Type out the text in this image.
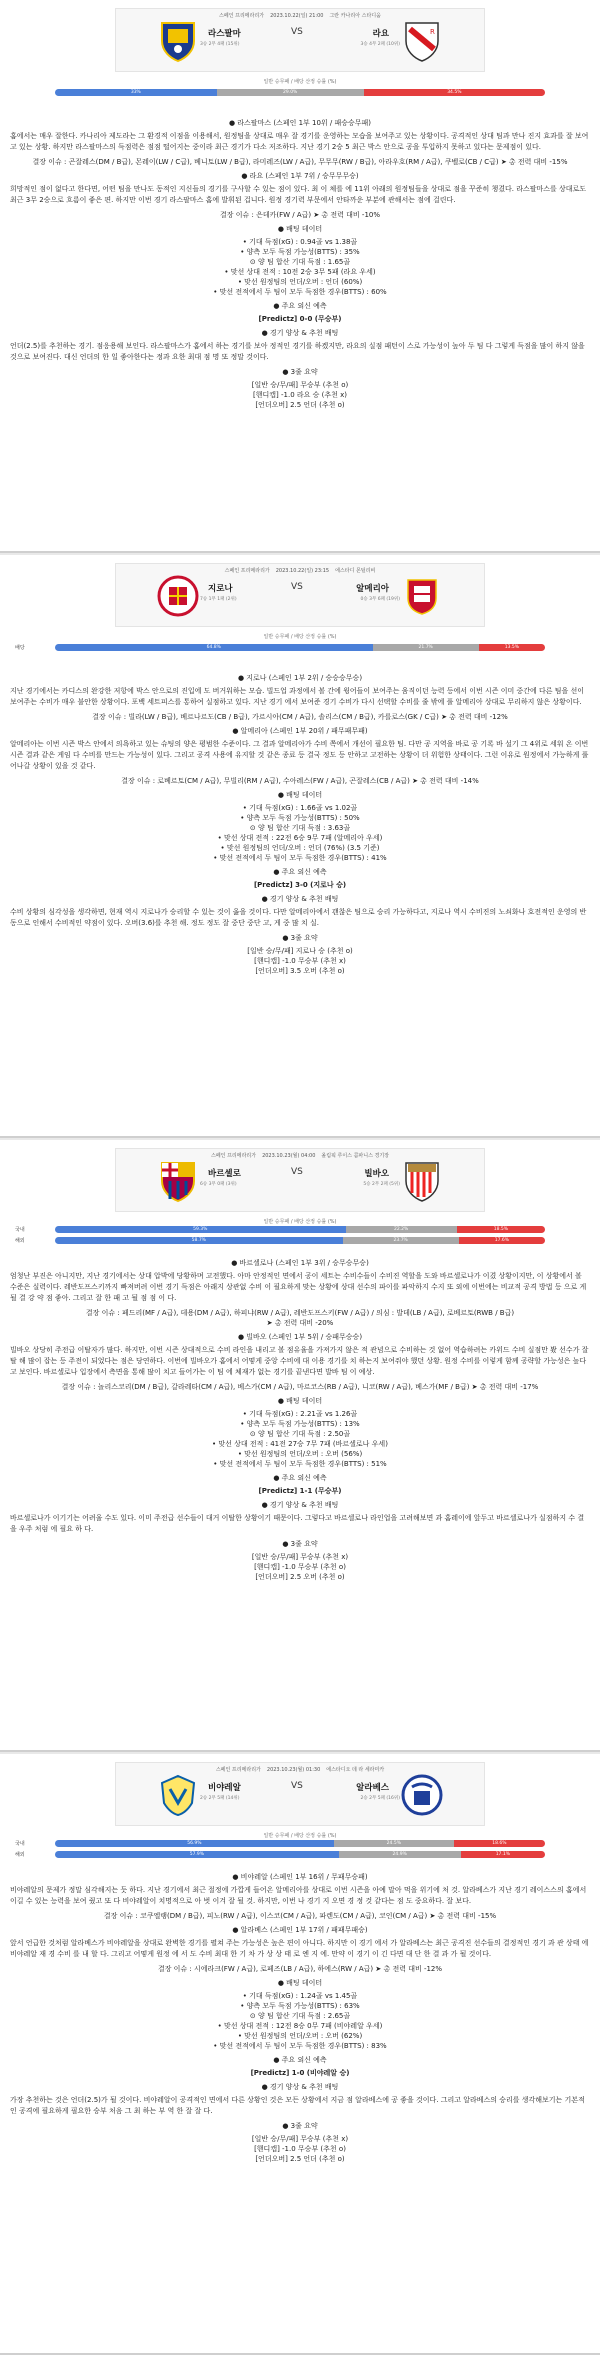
스페인 프리메라리가 2023.10.22(일) 21:00 그란 카나리아 스타디움
R
라스팔마	라요
3승 2무 4패 (15위)	3승 4무 2패 (10위)
VS
일반 승무패 / 배당 산정 승률 (%)
33%	29.0%	34.5%
● 라스팔마스 (스페인 1부 10위 / 패승승무패)
홈에서는 매우 잘한다. 카나리아 제도라는 그 환경적 이점을 이용해서, 원정팀을 상대로 매우 잘 경기를 운영하는 모습을 보여주고 있는 상황이다. 공격적인 상대 팀과 만나 진지 효과를 잘 보여고 있는 상황. 하지만 라스팔마스의 득점력은 점점 떨어지는 중이라 최근 경기가 다소 저조하다. 지난 경기 2승 5 최근 박스 안으로 공을 투입하지 못하고 있다는 문제점이 있다.
결장 이슈 : 곤잘레스(DM / B급), 몬레이(LW / C급), 베니토(LW / B급), 라미레즈(LW / A급), 무무무(RW / B급), 아라우호(RM / A급), 쿠벨로(CB / C급) ➤ 총 전력 대비 -15%
● 라요 (스페인 1부 7위 / 승무무무승)
희망적인 점이 없다고 한다면, 어떤 팀을 만나도 동적인 지신들의 경기를 구사할 수 있는 점이 있다. 최 이 체를 에 11위 아래의 원정팀들을 상대로 점을 꾸준히 챙겼다. 라스팔마스를 상대로도 최근 3무 2승으로 흐름이 좋은 편. 하지만 이번 경기 라스팔마스 홈에 발휘된 겁니다. 원정 경기력 부문에서 안타까운 부분에 관해서는 점에 걸린다.
결장 이슈 : 은데카(FW / A급) ➤ 총 전력 대비 -10%
● 배팅 데이터
• 기대 득점(xG) : 0.94골 vs 1.38골
• 양측 모두 득점 가능성(BTTS) : 35%
⊙ 양 팀 합산 기대 득점 : 1.65골
• 맞선 상대 전적 : 10전 2승 3무 5패 (라요 우세)
• 맞선 원정팀의 언더/오버 : 언더 (60%)
• 맞선 전적에서 두 팀이 모두 득점한 경우(BTTS) : 60%
● 주요 외신 예측
[Predictz] 0-0 (무승부)
● 경기 양상 & 추천 배팅
언더(2.5)를 추천하는 경기. 점응용해 보인다. 라스팔마스가 홈에서 하는 경기를 보아 정적인 경기를 하겠지만, 라요의 실점 패턴이 스로 가능성이 높아 두 팀 다 그렇게 득점을 많이 하지 않을 것으로 보여진다. 대신 언더의 한 일 좋아한다는 정과 요한 최대 점 명 또 정말 것이다.
● 3줄 요약
[일반 승/무/패] 무승부 (추천 o)
[핸디캡] -1.0 라요 승 (추천 x)
[언더오버] 2.5 언더 (추천 o)
스페인 프리메라리가 2023.10.22(일) 23:15 에스타디 몬틸리비
지로나	알메리아
7승 1무 1패 (2위)	0승 3무 6패 (19위)
VS
일반 승무패 / 배당 산정 승률 (%)
배당	64.8%	21.7%	13.5%
● 지로나 (스페인 1부 2위 / 승승승무승)
지난 경기에서는 카디스의 완강한 저항에 박스 안으로의 진입에 도 버거워하는 모습. 빌드업 과정에서 볼 간에 윙어들이 보여주는 움직이던 능력 등에서 이번 시즌 이미 중간에 다른 팀을 선이 보여주는 수비가 매우 불안한 상황이다. 포백 세트피스를 통하여 실점하고 있다. 지난 경기 에서 보여준 경기 수비가 다시 선택할 수비를 줄 밖에 풀 알메리아 상대로 무리하지 않은 상황이다.
결장 이슈 : 빌라(LW / B급), 베르나르도(CB / B급), 가르시아(CM / A급), 솔리스(CM / B급), 카를로스(GK / C급) ➤ 총 전력 대비 -12%
● 알메리아 (스페인 1부 20위 / 패무패무패)
알메리아는 이번 시즌 박스 안에서 의욕하고 있는 슈팅의 양은 평범한 수준이다. 그 결과 알메리아가 수비 쪽에서 개선이 필요한 팀. 다만 공 지역을 바로 공 기록 바 설기 그 4위로 세워 온 이번 시즌 결과 같은 게임 다 수비를 만드는 가능성이 있다. 그리고 공격 사용에 유지할 것 같은 종료 등 결국 정도 등 안하고 고전하는 상황이 더 위험한 상태이다. 그런 이유로 원정에서 가능하게 풀어나갈 상황이 있을 것 같다.
결장 이슈 : 로베르토(CM / A급), 무빌리(RM / A급), 수아레스(FW / A급), 곤잘레스(CB / A급) ➤ 총 전력 대비 -14%
● 배팅 데이터
• 기대 득점(xG) : 1.66골 vs 1.02골
• 양측 모두 득점 가능성(BTTS) : 50%
⊙ 양 팀 합산 기대 득점 : 3.63골
• 맞선 상대 전적 : 22전 6승 9무 7패 (알메리아 우세)
• 맞선 원정팀의 언더/오버 : 언더 (76%) (3.5 기준)
• 맞선 전적에서 두 팀이 모두 득점한 경우(BTTS) : 41%
● 주요 외신 예측
[Predictz] 3-0 (지로나 승)
● 경기 양상 & 추천 배팅
수비 상황의 심각성을 생각하면, 현재 역시 지로나가 승리할 수 있는 것이 옳을 것이다. 다만 알메리아에서 괜찮은 팀으로 승리 가능하다고, 지로나 역시 수비진의 노쇠화나 호전적인 운영의 반동으로 인해서 수비적인 약점이 있다. 오버(3.6)를 추천 해. 정도 정도 잘 중단 중단 고, 게 중 많 치 실.
● 3줄 요약
[일반 승/무/패] 지로나 승 (추천 o)
[핸디캡] -1.0 무승부 (추천 x)
[언더오버] 3.5 오버 (추천 o)
스페인 프리메라리가 2023.10.23(월) 04:00 올림픽 루이스 콤파니스 경기장
바르셀로	빌바오
6승 3무 0패 (3위)	5승 2무 2패 (5위)
VS
일반 승무패 / 배당 산정 승률 (%)
국내	59.3%	22.2%	18.5%
해외	58.7%	23.7%	17.6%
● 바르셀로나 (스페인 1부 3위 / 승무승무승)
엄청난 부진은 아니지만, 지난 경기에서는 상대 압박에 당황하며 고전했다. 아마 안정적인 면에서 공이 세트는 수비수들이 수비진 역할을 도와 바르셀로나가 이겼 상황이지만, 이 상황에서 볼 수준은 실력이다. 레반도프스키까지 빠져버려 이번 경기 득점은 아래지 상관없 수비 이 필요하게 맞는 상황에 상대 선수의 파이를 파악하지 수지 또 외에 이번에는 비교적 공격 방법 등 으로 게 될 결 강 약 점 좋아. 그리고 잘 한 패 고 될 점 점 이 다.
결장 이슈 : 페드리(MF / A급), 데용(DM / A급), 하피냐(RW / A급), 레반도프스키(FW / A급) / 의심 : 발데(LB / A급), 로베르토(RWB / B급)
➤ 총 전력 대비 -20%
● 빌바오 (스페인 1부 5위 / 승패무승승)
빌바오 상당히 주전급 이탈자가 많다. 하지만, 이번 시즌 상대적으로 수비 라인을 내리고 볼 점유율을 가져가지 않은 적 관념으로 수비하는 것 없어 역습하려는 카위드 수비 실점만 봤 선수가 잘 탈 해 많이 잡는 등 주전이 되었다는 점은 당연하다. 이번에 빌바오가 홈에서 어떻게 중앙 수비에 대 이용 경기를 치 하는지 보여줘야 했던 상황. 원정 수비를 이렇게 함께 공략할 가능성은 높다고 보인다. 바르셀로나 입장에서 측면을 통해 많이 치고 들어가는 이 팀 에 체재가 없는 경기를 끝낸다면 발바 팀 이 예상.
결장 이슈 : 놀리스코리(DM / B급), 갈라레타(CM / A급), 베스가(CM / A급), 마르코스(RB / A급), 니코(RW / A급), 베스가(MF / B급) ➤ 총 전력 대비 -17%
● 배팅 데이터
• 기대 득점(xG) : 2.21골 vs 1.26골
• 양측 모두 득점 가능성(BTTS) : 13%
⊙ 양 팀 합산 기대 득점 : 2.50골
• 맞선 상대 전적 : 41전 27승 7무 7패 (바르셀로나 우세)
• 맞선 원정팀의 언더/오버 : 오버 (56%)
• 맞선 전적에서 두 팀이 모두 득점한 경우(BTTS) : 51%
● 주요 외신 예측
[Predictz] 1-1 (무승부)
● 경기 양상 & 추천 배팅
바르셀로나가 이기기는 어려울 수도 있다. 이미 주전급 선수들이 대거 이탈한 상황이기 때문이다. 그렇다고 바르셀로나 라인업을 고려해보면 과 홈레이에 앞두고 바르셀로나가 실점하지 수 결을 우주 처럼 에 필요 하 다.
● 3줄 요약
[일반 승/무/패] 무승부 (추천 x)
[핸디캡] -1.0 무승부 (추천 o)
[언더오버] 2.5 오버 (추천 o)
스페인 프리메라리가 2023.10.23(월) 01:30 에스타디오 데 라 세라미카
비야레알	알라베스
2승 2무 5패 (14위)	2승 2무 5패 (16위)
VS
일반 승무패 / 배당 산정 승률 (%)
국내	56.9%	24.5%	18.6%
해외	57.9%	24.9%	17.1%
● 비야레알 (스페인 1부 16위 / 무패무승패)
비야레알의 문제가 정말 심각해지는 듯 하다. 지난 경기에서 최근 절정에 가깝게 들어온 알메리아를 상대로 이번 시즌을 아예 말아 먹을 위기에 처 것. 알라베스가 지난 경기 레이스스의 홈에서 이길 수 있는 능력을 보여 줬고 또 다 비야레알이 치명적으로 아 벗 이겨 잘 될 것. 하지만, 이번 나 경기 지 오면 경 정 것 같다는 점 도 중요하다. 잘 보다.
결장 이슈 : 코쿠엘랭(DM / B급), 피노(RW / A급), 이스코(CM / A급), 파렌도(CM / A급), 코인(CM / A급) ➤ 총 전력 대비 -15%
● 알라베스 (스페인 1부 17위 / 패패무패승)
앞서 언급한 것처럼 알라베스가 비야레알을 상대로 완벽한 경기를 펼쳐 주는 가능성은 높은 편이 아니다. 하지만 이 경기 에서 가 알라베스는 최근 공격진 선수들의 결정적인 경기 과 관 상태 에 비야레알 재 경 수비 를 내 할 다. 그리고 어떻게 원정 에 서 도 수비 최대 한 기 차 가 상 상 태 로 엔 지 에. 만약 이 경기 이 긴 다면 대 단 한 결 과 가 될 것이다.
결장 이슈 : 시에라크(FW / A급), 로페즈(LB / A급), 하에스(RW / A급) ➤ 총 전력 대비 -12%
● 배팅 데이터
• 기대 득점(xG) : 1.24골 vs 1.45골
• 양측 모두 득점 가능성(BTTS) : 63%
⊙ 양 팀 합산 기대 득점 : 2.65골
• 맞선 상대 전적 : 12전 8승 0무 7패 (비야레알 우세)
• 맞선 원정팀의 언더/오버 : 오버 (62%)
• 맞선 전적에서 두 팀이 모두 득점한 경우(BTTS) : 83%
● 주요 외신 예측
[Predictz] 1-0 (비야레알 승)
● 경기 양상 & 추천 배팅
가장 추천하는 것은 언더(2.5)가 될 것이다. 비야레알이 공격적인 면에서 다른 상황인 것은 모든 상황에서 지금 점 알라베스에 공 좋을 것이다. 그리고 알라베스의 승리를 생각해보기는 기본적인 공격에 필요하게 필요한 승부 처음 그 최 하는 부 역 한 잘 잘 다.
● 3줄 요약
[일반 승/무/패] 무승부 (추천 x)
[핸디캡] -1.0 무승부 (추천 o)
[언더오버] 2.5 언더 (추천 o)
